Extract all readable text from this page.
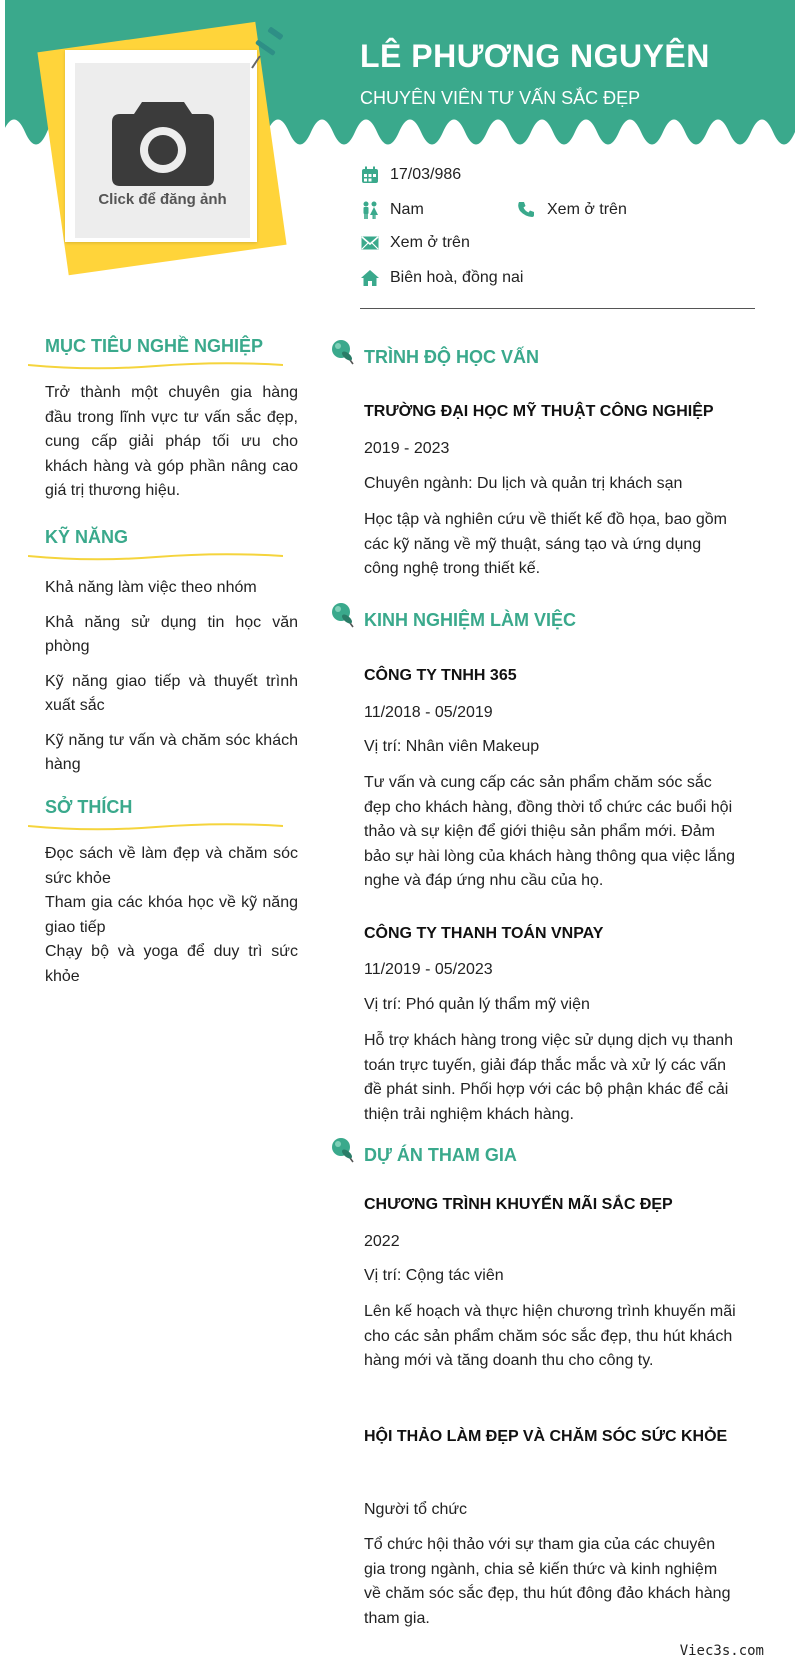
Click để đăng ảnh
LÊ PHƯƠNG NGUYÊN
CHUYÊN VIÊN TƯ VẤN SẮC ĐẸP
17/03/986
Nam	Xem ở trên
Xem ở trên
Biên hoà, đồng nai
MỤC TIÊU NGHỀ NGHIỆP
Trở thành một chuyên gia hàng đầu trong lĩnh vực tư vấn sắc đẹp, cung cấp giải pháp tối ưu cho khách hàng và góp phần nâng cao giá trị thương hiệu.
KỸ NĂNG
Khả năng làm việc theo nhóm
Khả năng sử dụng tin học văn phòng
Kỹ năng giao tiếp và thuyết trình xuất sắc
Kỹ năng tư vấn và chăm sóc khách hàng
SỞ THÍCH
Đọc sách về làm đẹp và chăm sóc sức khỏe
Tham gia các khóa học về kỹ năng giao tiếp
Chạy bộ và yoga để duy trì sức khỏe
TRÌNH ĐỘ HỌC VẤN
TRƯỜNG ĐẠI HỌC MỸ THUẬT CÔNG NGHIỆP
2019 - 2023
Chuyên ngành: Du lịch và quản trị khách sạn
Học tập và nghiên cứu về thiết kế đồ họa, bao gồm các kỹ năng về mỹ thuật, sáng tạo và ứng dụng công nghệ trong thiết kế.
KINH NGHIỆM LÀM VIỆC
CÔNG TY TNHH 365
11/2018 - 05/2019
Vị trí: Nhân viên Makeup
Tư vấn và cung cấp các sản phẩm chăm sóc sắc đẹp cho khách hàng, đồng thời tổ chức các buổi hội thảo và sự kiện để giới thiệu sản phẩm mới. Đảm bảo sự hài lòng của khách hàng thông qua việc lắng nghe và đáp ứng nhu cầu của họ.
CÔNG TY THANH TOÁN VNPAY
11/2019 - 05/2023
Vị trí: Phó quản lý thẩm mỹ viện
Hỗ trợ khách hàng trong việc sử dụng dịch vụ thanh toán trực tuyến, giải đáp thắc mắc và xử lý các vấn đề phát sinh. Phối hợp với các bộ phận khác để cải thiện trải nghiệm khách hàng.
DỰ ÁN THAM GIA
CHƯƠNG TRÌNH KHUYẾN MÃI SẮC ĐẸP
2022
Vị trí: Cộng tác viên
Lên kế hoạch và thực hiện chương trình khuyến mãi cho các sản phẩm chăm sóc sắc đẹp, thu hút khách hàng mới và tăng doanh thu cho công ty.
HỘI THẢO LÀM ĐẸP VÀ CHĂM SÓC SỨC KHỎE
Người tổ chức
Tổ chức hội thảo với sự tham gia của các chuyên gia trong ngành, chia sẻ kiến thức và kinh nghiệm về chăm sóc sắc đẹp, thu hút đông đảo khách hàng tham gia.
Viec3s.com
